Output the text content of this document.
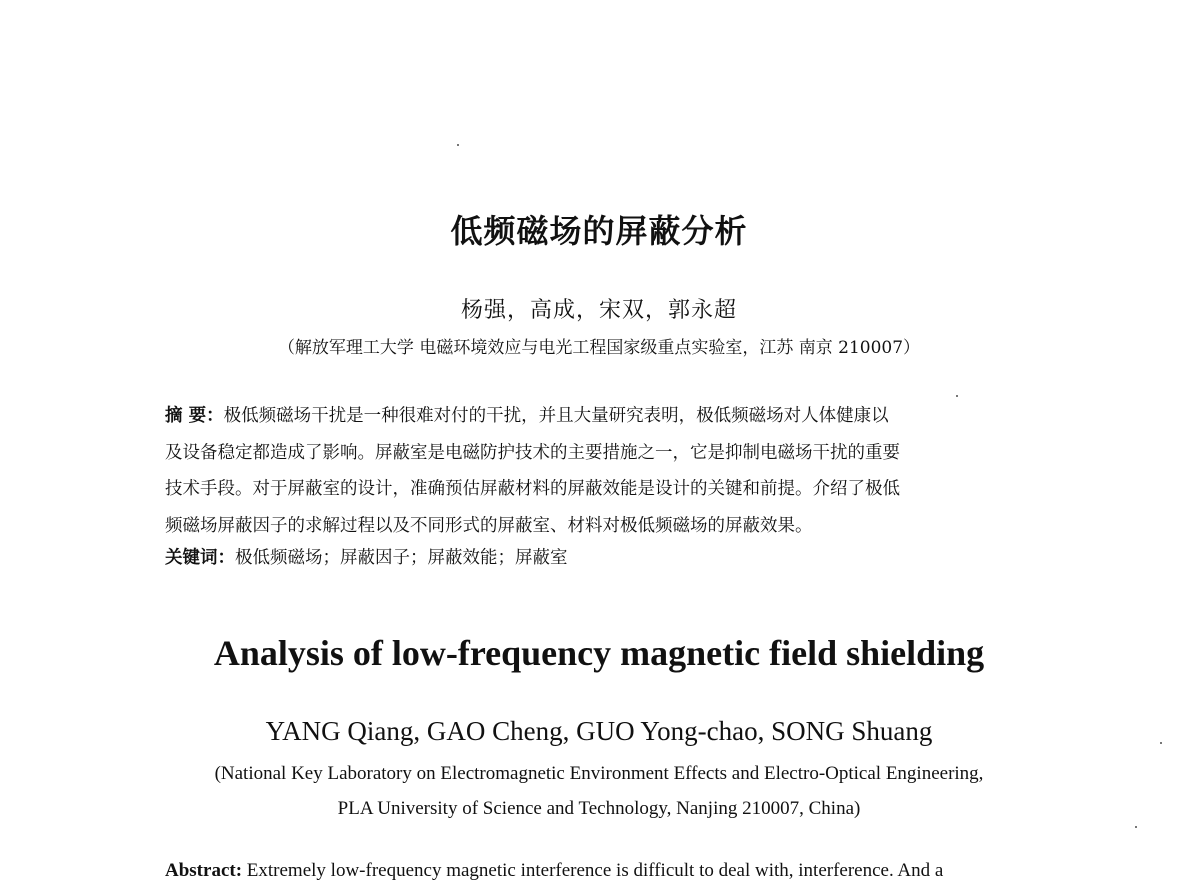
低频磁场的屏蔽分析
杨强，高成，宋双，郭永超
（解放军理工大学 电磁环境效应与电光工程国家级重点实验室，江苏 南京 210007）
摘 要：极低频磁场干扰是一种很难对付的干扰，并且大量研究表明，极低频磁场对人体健康以
及设备稳定都造成了影响。屏蔽室是电磁防护技术的主要措施之一，它是抑制电磁场干扰的重要
技术手段。对于屏蔽室的设计，准确预估屏蔽材料的屏蔽效能是设计的关键和前提。介绍了极低
频磁场屏蔽因子的求解过程以及不同形式的屏蔽室、材料对极低频磁场的屏蔽效果。
关键词：极低频磁场；屏蔽因子；屏蔽效能；屏蔽室
Analysis of low-frequency magnetic field shielding
YANG Qiang, GAO Cheng, GUO Yong-chao, SONG Shuang
(National Key Laboratory on Electromagnetic Environment Effects and Electro-Optical Engineering,
PLA University of Science and Technology, Nanjing 210007, China)
Abstract: Extremely low-frequency magnetic interference is difficult to deal with, interference. And a
